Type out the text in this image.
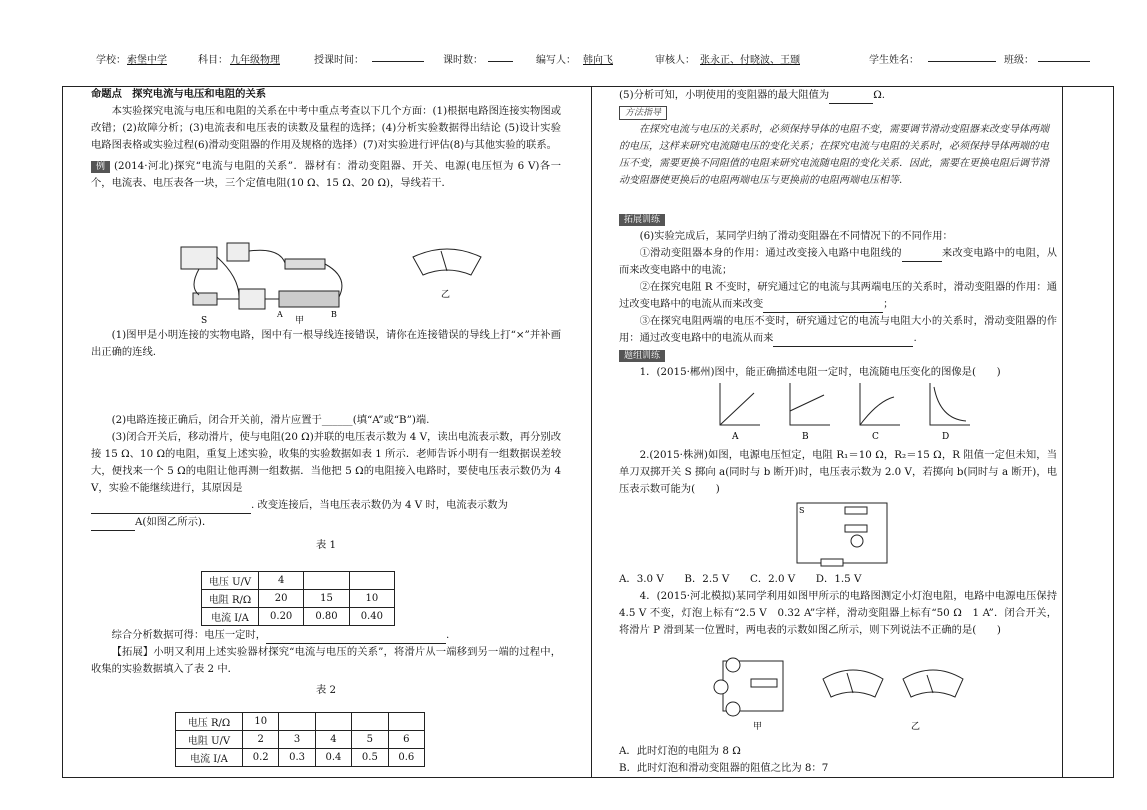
学校： 索堡中学	科目： 九年级物理	授课时间：	课时数：	编写人： 韩向飞	审核人： 张永正、付晓波、王颋	学生姓名：	班级：

命题点　探究电流与电压和电阻的关系

本实验探究电流与电压和电阻的关系在中考中重点考查以下几个方面：(1)根据电路图连接实物图或改错；(2)故障分析；(3)电流表和电压表的读数及量程的选择；(4)分析实验数据得出结论 (5)设计实验电路图表格或实验过程(6)滑动变阻器的作用及规格的选择）(7)对实验进行评估(8)与其他实验的联系。

例 (2014·河北)探究“电流与电阻的关系”．器材有：滑动变阻器、开关、电源(电压恒为 6 V)各一个，电流表、电压表各一块，三个定值电阻(10 Ω、15 Ω、20 Ω)，导线若干．

S	甲
乙
A	B

(1)图甲是小明连接的实物电路，图中有一根导线连接错误，请你在连接错误的导线上打“×”并补画出正确的连线.

(2)电路连接正确后，闭合开关前，滑片应置于______(填“A”或“B”)端.

(3)闭合开关后，移动滑片，使与电阻(20 Ω)并联的电压表示数为 4 V，读出电流表示数，再分别改接 15 Ω、10 Ω的电阻，重复上述实验，收集的实验数据如表 1 所示．老师告诉小明有一组数据误差较大，便找来一个 5 Ω的电阻让他再测一组数据．当他把 5 Ω的电阻接入电路时，要使电压表示数仍为 4 V，实验不能继续进行，其原因是

. 改变连接后，当电压表示数仍为 4 V 时，电流表示数为

A(如图乙所示)．

表 1

电压 U/V	4		
电阻 R/Ω	20	15	10
电流 I/A	0.20	0.80	0.40

综合分析数据可得：电压一定时，	.

【拓展】小明又利用上述实验器材探究“电流与电压的关系”，将滑片从一端移到另一端的过程中，收集的实验数据填入了表 2 中．

表 2

电压 R/Ω	10				
电阻 U/V	2	3	4	5	6
电流 I/A	0.2	0.3	0.4	0.5	0.6

(5)分析可知，小明使用的变阻器的最大阻值为	Ω.

方法指导

在探究电流与电压的关系时，必须保持导体的电阻不变，需要调节滑动变阻器来改变导体两端的电压，这样来研究电流随电压的变化关系；在探究电流与电阻的关系时，必须保持导体两端的电压不变，需要更换不同阻值的电阻来研究电流随电阻的变化关系．因此，需要在更换电阻后调节滑动变阻器使更换后的电阻两端电压与更换前的电阻两端电压相等.

拓展训练

(6)实验完成后，某同学归纳了滑动变阻器在不同情况下的不同作用：

①滑动变阻器本身的作用：通过改变接入电路中电阻线的	来改变电路中的电阻，从而来改变电路中的电流；

②在探究电阻 R 不变时，研究通过它的电流与其两端电压的关系时，滑动变阻器的作用：通过改变电路中的电流从而来改变	；

③在探究电阻两端的电压不变时，研究通过它的电流与电阻大小的关系时，滑动变阻器的作用：通过改变电路中的电流从而来	.

题组训练

1．(2015·郴州)图中，能正确描述电阻一定时，电流随电压变化的图像是(　　)

A	B	C	D

2.(2015·株洲)如图，电源电压恒定，电阻 R₁＝10 Ω，R₂＝15 Ω，R 阻值一定但未知，当单刀双掷开关 S 掷向 a(同时与 b 断开)时，电压表示数为 2.0 V，若掷向 b(同时与 a 断开)，电压表示数可能为(　　)

S

A．3.0 V　　B．2.5 V　　C．2.0 V　　D．1.5 V

4．(2015·河北模拟)某同学利用如图甲所示的电路图测定小灯泡电阻，电路中电源电压保持 4.5 V 不变，灯泡上标有“2.5 V　0.32 A”字样，滑动变阻器上标有“50 Ω　1 A”．闭合开关，将滑片 P 滑到某一位置时，两电表的示数如图乙所示，则下列说法不正确的是(　　)

甲	乙

A．此时灯泡的电阻为 8 Ω

B．此时灯泡和滑动变阻器的阻值之比为 8：7
